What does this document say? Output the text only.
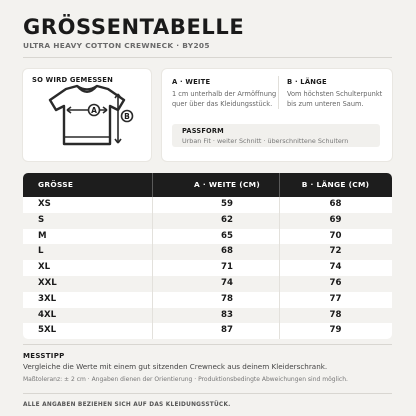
GRÖSSENTABELLE
ULTRA HEAVY COTTON CREWNECK · BY205
SO WIRD GEMESSEN
A
B
A · WEITE
1 cm unterhalb der Armöffnung
quer über das Kleidungsstück.
B · LÄNGE
Vom höchsten Schulterpunkt
bis zum unteren Saum.
PASSFORM
Urban Fit · weiter Schnitt · überschnittene Schultern
GRÖSSE	A · WEITE (CM)	B · LÄNGE (CM)
XS	59	68
S	62	69
M	65	70
L	68	72
XL	71	74
XXL	74	76
3XL	78	77
4XL	83	78
5XL	87	79
MESSTIPP
Vergleiche die Werte mit einem gut sitzenden Crewneck aus deinem Kleiderschrank.
Maßtoleranz: ± 2 cm · Angaben dienen der Orientierung · Produktionsbedingte Abweichungen sind möglich.
ALLE ANGABEN BEZIEHEN SICH AUF DAS KLEIDUNGSSTÜCK.
